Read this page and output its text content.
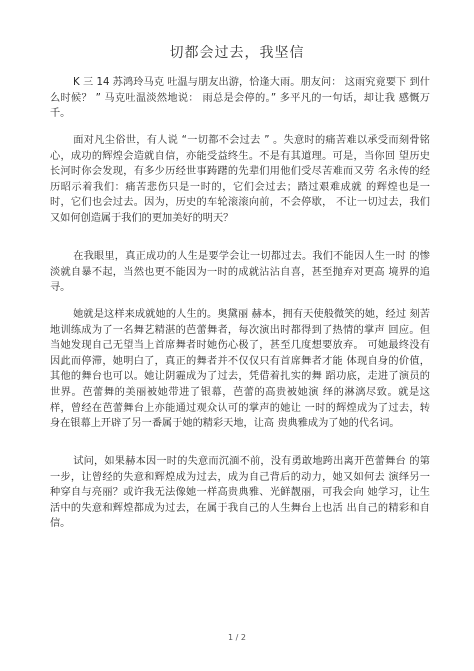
切都会过去，我坚信
K 三 14 苏鸿玲马克 吐温与朋友出游，恰逢大雨。朋友问： 这雨究竟要下 到什么时候？ ” 马克吐温淡然地说： 雨总是会停的。” 多平凡的一句话，却让我 感慨万千。
面对凡尘俗世，有人说 “一切都不会过去 ” 。失意时的痛苦难以承受而刻骨铭心，成功的辉煌会造就自信，亦能受益终生。不是有其道理。可是，当你回 望历史长河时你会发现，有多少历经世事踌躇的先辈们用他们受尽苦难而又劳 名永传的经历昭示着我们：痛苦悲伤只是一时的，它们会过去；踏过艰难成就 的辉煌也是一时，它们也会过去。因为，历史的车轮滚滚向前，不会停歇， 不让一切过去，我们又如何创造属于我们的更加美好的明天？
在我眼里，真正成功的人生是要学会让一切都过去。我们不能因人生一时 的惨淡就自暴不起，当然也更不能因为一时的成就沾沾自喜，甚至抛弃对更高 境界的追寻。
她就是这样来成就她的人生的。奥黛丽 赫本，拥有天使般微笑的她，经过 刻苦地训练成为了一名舞艺精湛的芭蕾舞者，每次演出时都得到了热情的掌声 回应。但当她发现自己无望当上首席舞者时她伤心极了，甚至几度想要放弃。 可她最终没有因此而停滞，她明白了，真正的舞者并不仅仅只有首席舞者才能 体现自身的价值，其他的舞台也可以。她让阴霾成为了过去，凭借着扎实的舞 蹈功底，走进了演员的世界。芭蕾舞的美丽被她带进了银幕，芭蕾的高贵被她演 绎的淋漓尽致。就是这样，曾经在芭蕾舞台上亦能通过观众认可的掌声的她让 一时的辉煌成为了过去，转身在银幕上开辟了另一番属于她的精彩天地，让高 贵典雅成为了她的代名词。
试问，如果赫本因一时的失意而沉湎不前，没有勇敢地跨出离开芭蕾舞台 的第一步，让曾经的失意和辉煌成为过去，成为自己背后的动力，她又如何去 演绎另一种穿自与亮丽？或许我无法像她一样高贵典雅、光鲜靓丽，可我会向 她学习，让生活中的失意和辉煌都成为过去，在属于我自己的人生舞台上也活 出自己的精彩和自信。
1 / 2
